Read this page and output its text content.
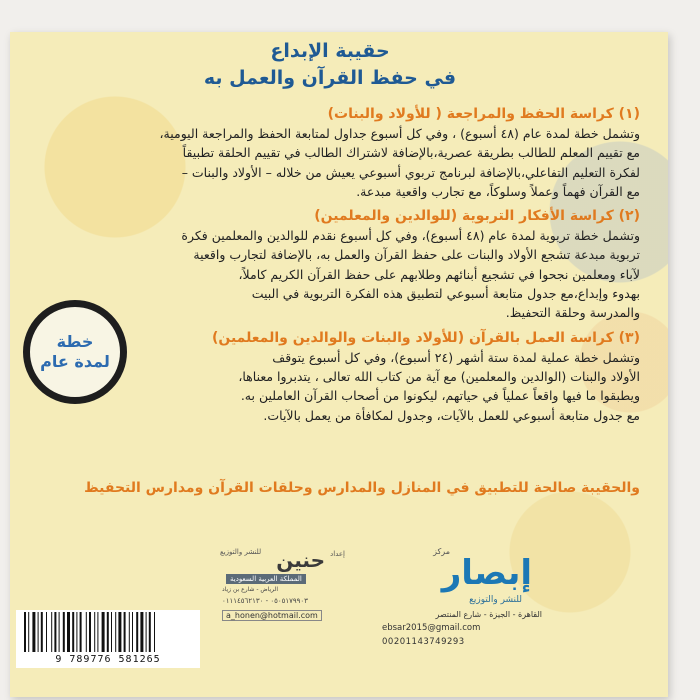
حقيبة الإبداع
في حفظ القرآن والعمل به
(١) كراسة الحفظ والمراجعة ( للأولاد والبنات)
وتشمل خطة لمدة عام (٤٨ أسبوع) ، وفي كل أسبوع جداول لمتابعة الحفظ والمراجعة اليومية،
مع تقييم المعلم للطالب بطريقة عصرية،بالإضافة لاشتراك الطالب في تقييم الحلقة تطبيقاً
لفكرة التعليم التفاعلي،بالإضافة لبرنامج تربوي أسبوعي يعيش من خلاله – الأولاد والبنات –
مع القرآن فهماً وعملاً وسلوكاً، مع تجارب واقعية مبدعة.
(٢) كراسة الأفكار التربوية (للوالدين والمعلمين)
وتشمل خطة تربوية لمدة عام (٤٨ أسبوع)، وفي كل أسبوع نقدم للوالدين والمعلمين فكرة
تربوية مبدعة تشجع الأولاد والبنات على حفظ القرآن والعمل به، بالإضافة لتجارب واقعية
لآباء ومعلمين نجحوا في تشجيع أبنائهم وطلابهم على حفظ القرآن الكريم كاملاً،
بهدوء وإبداع،مع جدول متابعة أسبوعي لتطبيق هذه الفكرة التربوية في البيت
والمدرسة وحلقة التحفيظ.
(٣) كراسة العمل بالقرآن (للأولاد والبنات والوالدين والمعلمين)
وتشمل خطة عملية لمدة ستة أشهر (٢٤ أسبوع)، وفي كل أسبوع يتوقف
الأولاد والبنات (الوالدين والمعلمين) مع آية من كتاب الله تعالى ، يتدبروا معناها،
ويطبقوا ما فيها واقعاً عملياً في حياتهم، ليكونوا من أصحاب القرآن العاملين به.
مع جدول متابعة أسبوعي للعمل بالآيات، وجدول لمكافأة من يعمل بالآيات.
والحقيبة صالحة للتطبيق في المنازل والمدارس وحلقات القرآن ومدارس التحفيظ
خطة
لمدة عام
مركز
إبصار
للنشر والتوزيع
القاهرة - الجيزة - شارع المنتصر
ebsar2015@gmail.com
00201143749293
إعداد
للنشر والتوزيع حنين
المملكة العربية السعودية
الرياض - شارع بن زياد
٠٥٠٥١٧٩٩٠٣ - ٠١١١٤٥٦٢١٣٠
a_honen@hotmail.com
9 789776 581265
